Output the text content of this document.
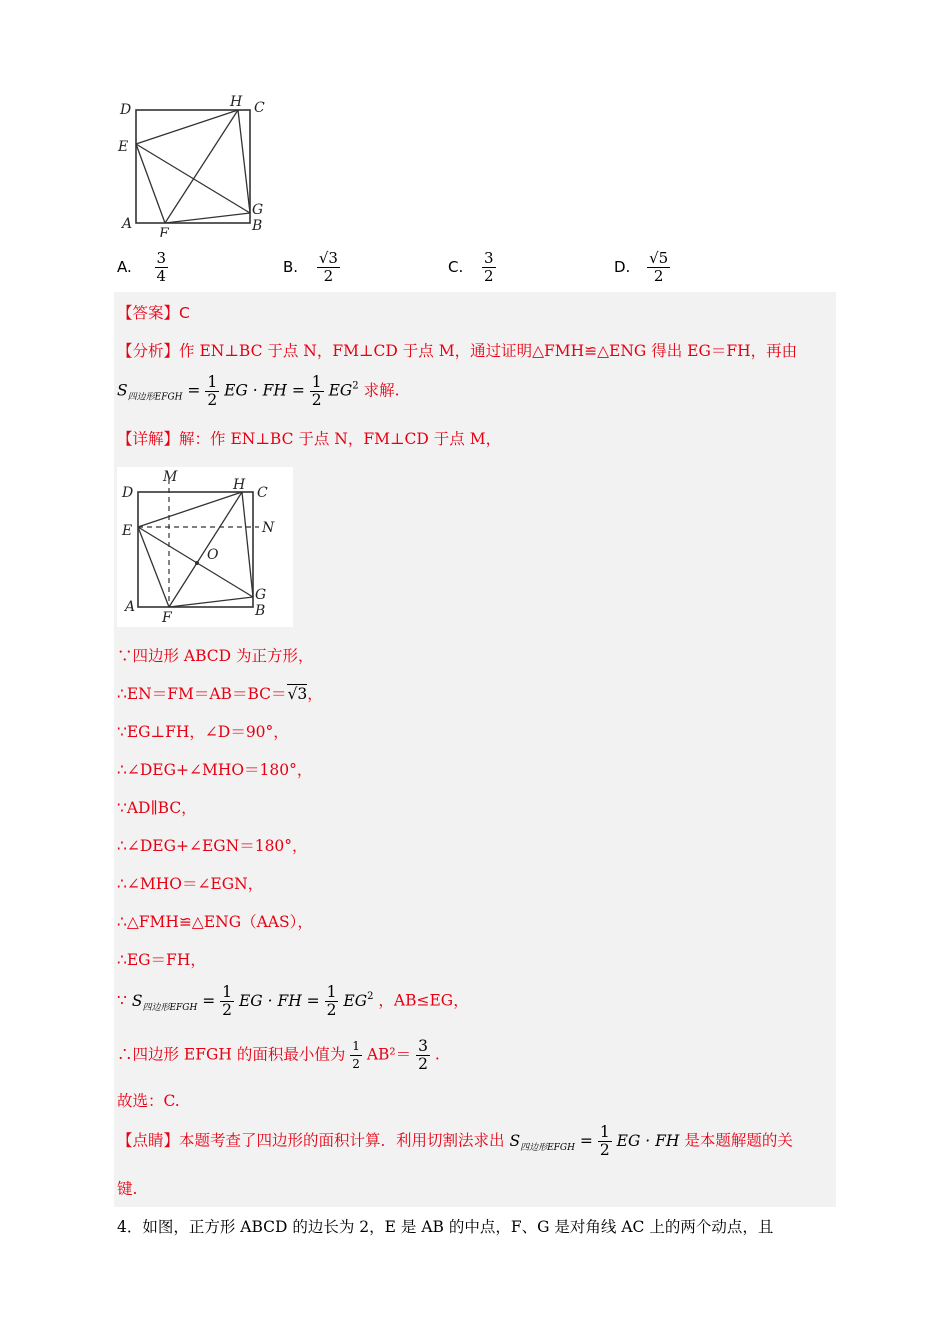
D	H C
E
A
F
G
B
A. $\frac{3}{4}$	B. $\frac{√3}{2}$	C. $\frac{3}{2}$	D. $\frac{√5}{2}$
【答案】C
【分析】作 EN⊥BC 于点 N，FM⊥CD 于点 M，通过证明△FMH≌△ENG 得出 EG＝FH，再由
$S_{四边形EFGH} = \frac{1}{2}$ EG · FH = $\frac{1}{2} EG^2$ 求解.
【详解】解：作 EN⊥BC 于点 N，FM⊥CD 于点 M，
M
D	H C
E	N
O
A
F
G
B
∵四边形 ABCD 为正方形，
∴EN＝FM＝AB＝BC＝√3，
∵EG⊥FH，∠D＝90°，
∴∠DEG+∠MHO＝180°，
∵AD∥BC，
∴∠DEG+∠EGN＝180°，
∴∠MHO＝∠EGN，
∴△FMH≌△ENG（AAS），
∴EG＝FH，
∵ $S_{四边形EFGH} = \frac{1}{2}$ EG · FH = $\frac{1}{2} EG^2$ ，AB≤EG，
∴四边形 EFGH 的面积最小值为 $\frac{1}{2} AB^2= \frac{3}{2}$ .
故选：C.
【点睛】本题考查了四边形的面积计算．利用切割法求出 $S_{四边形EFGH} = \frac{1}{2}$ EG · FH 是本题解题的关
键.
4．如图，正方形 ABCD 的边长为 2，E 是 AB 的中点，F、G 是对角线 AC 上的两个动点，且
